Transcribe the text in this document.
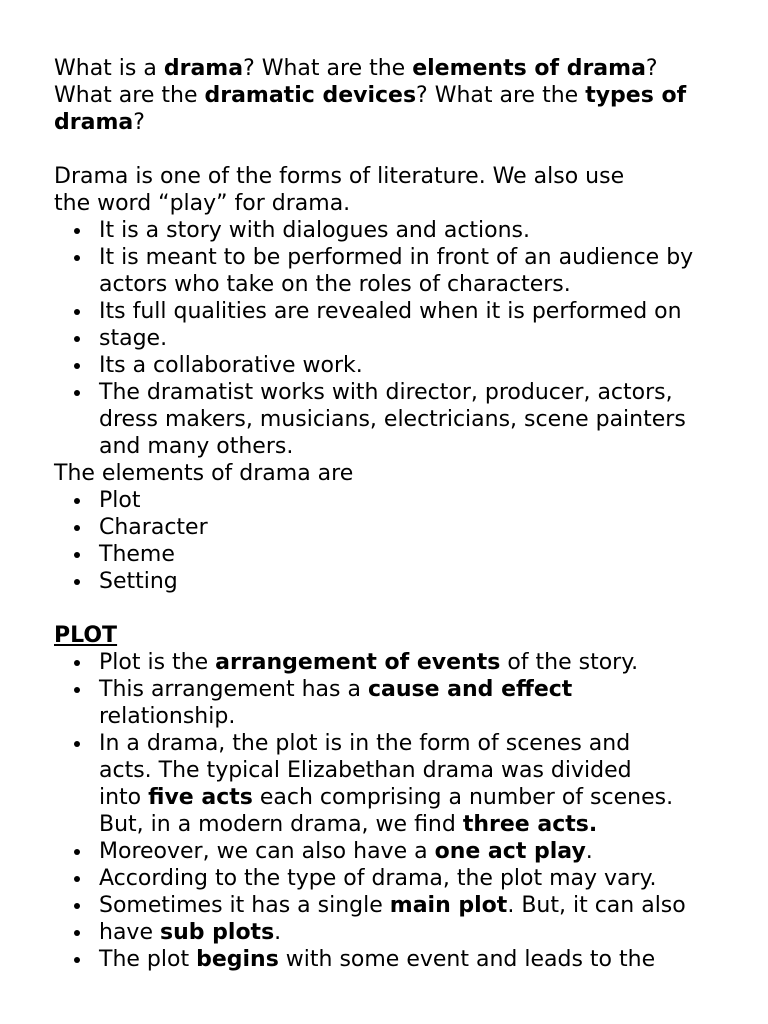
What is a drama? What are the elements of drama?
What are the dramatic devices? What are the types of
drama?

Drama is one of the forms of literature. We also use
the word “play” for drama.

It is a story with dialogues and actions.
It is meant to be performed in front of an audience by
actors who take on the roles of characters.
Its full qualities are revealed when it is performed on
stage.
Its a collaborative work.
The dramatist works with director, producer, actors,
dress makers, musicians, electricians, scene painters
and many others.

The elements of drama are

Plot
Character
Theme
Setting

PLOT

Plot is the arrangement of events of the story.
This arrangement has a cause and effect
relationship.
In a drama, the plot is in the form of scenes and
acts. The typical Elizabethan drama was divided
into five acts each comprising a number of scenes.
But, in a modern drama, we find three acts.
Moreover, we can also have a one act play.
According to the type of drama, the plot may vary.
Sometimes it has a single main plot. But, it can also
have sub plots.
The plot begins with some event and leads to the
